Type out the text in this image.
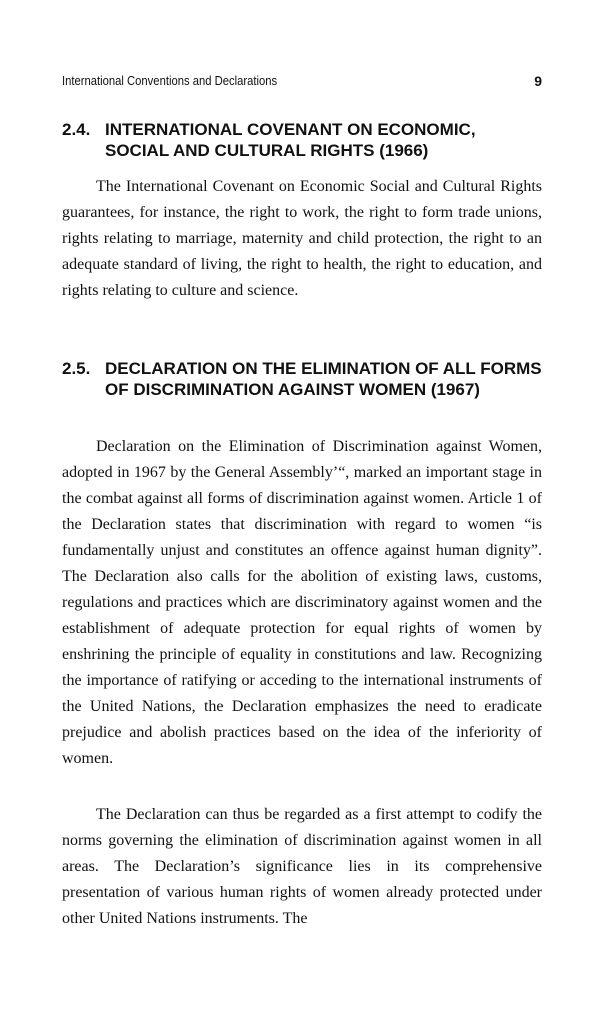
International Conventions and Declarations	9
2.4. INTERNATIONAL COVENANT ON ECONOMIC, SOCIAL AND CULTURAL RIGHTS (1966)

The International Covenant on Economic Social and Cultural Rights guarantees, for instance, the right to work, the right to form trade unions, rights relating to marriage, maternity and child protection, the right to an adequate standard of living, the right to health, the right to education, and rights relating to culture and science.

2.5. DECLARATION ON THE ELIMINATION OF ALL FORMS OF DISCRIMINATION AGAINST WOMEN (1967)

Declaration on the Elimination of Discrimination against Women, adopted in 1967 by the General Assembly’“, marked an important stage in the combat against all forms of discrimination against women. Article 1 of the Declaration states that discrimination with regard to women “is fundamentally unjust and constitutes an offence against human dignity”. The Declaration also calls for the abolition of existing laws, customs, regulations and practices which are discriminatory against women and the establishment of adequate protection for equal rights of women by enshrining the principle of equality in constitutions and law. Recognizing the importance of ratifying or acceding to the international instruments of the United Nations, the Declaration emphasizes the need to eradicate prejudice and abolish practices based on the idea of the inferiority of women.

The Declaration can thus be regarded as a first attempt to codify the norms governing the elimination of discrimination against women in all areas. The Declaration’s significance lies in its comprehensive presentation of various human rights of women already protected under other United Nations instruments. The
